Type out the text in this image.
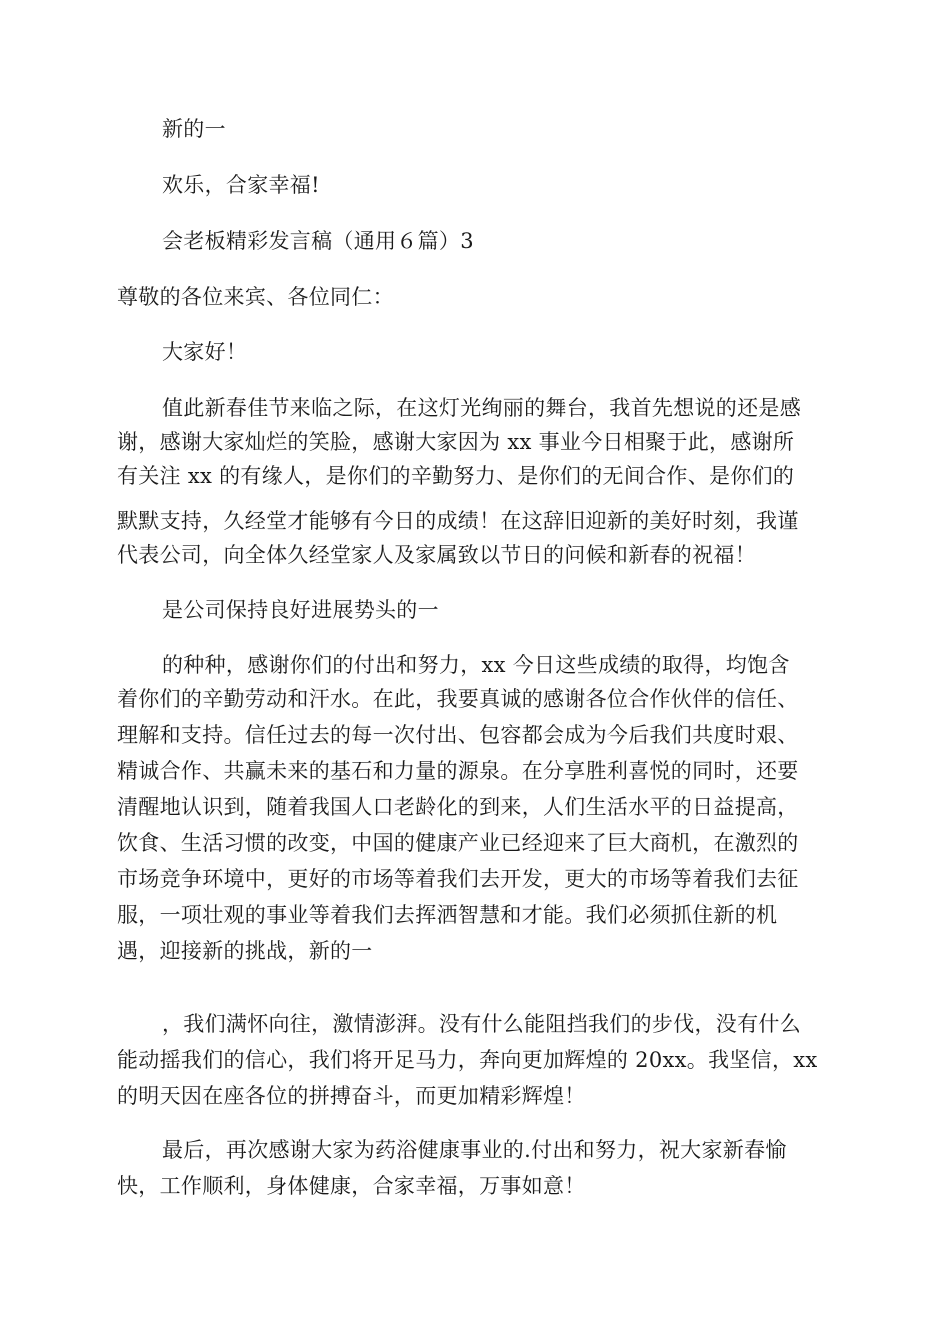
新的一
欢乐，合家幸福!
会老板精彩发言稿（通用６篇）3
尊敬的各位来宾、各位同仁：
大家好！
值此新春佳节来临之际，在这灯光绚丽的舞台，我首先想说的还是感
谢，感谢大家灿烂的笑脸，感谢大家因为 xx 事业今日相聚于此，感谢所
有关注 xx 的有缘人，是你们的辛勤努力、是你们的无间合作、是你们的
默默支持，久经堂才能够有今日的成绩！在这辞旧迎新的美好时刻，我谨
代表公司，向全体久经堂家人及家属致以节日的问候和新春的祝福！
是公司保持良好进展势头的一
的种种，感谢你们的付出和努力，xx 今日这些成绩的取得，均饱含
着你们的辛勤劳动和汗水。在此，我要真诚的感谢各位合作伙伴的信任、
理解和支持。信任过去的每一次付出、包容都会成为今后我们共度时艰、
精诚合作、共赢未来的基石和力量的源泉。在分享胜利喜悦的同时，还要
清醒地认识到，随着我国人口老龄化的到来，人们生活水平的日益提高，
饮食、生活习惯的改变，中国的健康产业已经迎来了巨大商机，在激烈的
市场竞争环境中，更好的市场等着我们去开发，更大的市场等着我们去征
服，一项壮观的事业等着我们去挥洒智慧和才能。我们必须抓住新的机
遇，迎接新的挑战，新的一
，我们满怀向往，激情澎湃。没有什么能阻挡我们的步伐，没有什么
能动摇我们的信心，我们将开足马力，奔向更加辉煌的 20xx。我坚信，xx
的明天因在座各位的拼搏奋斗，而更加精彩辉煌！
最后，再次感谢大家为药浴健康事业的.付出和努力，祝大家新春愉
快，工作顺利，身体健康，合家幸福，万事如意！
